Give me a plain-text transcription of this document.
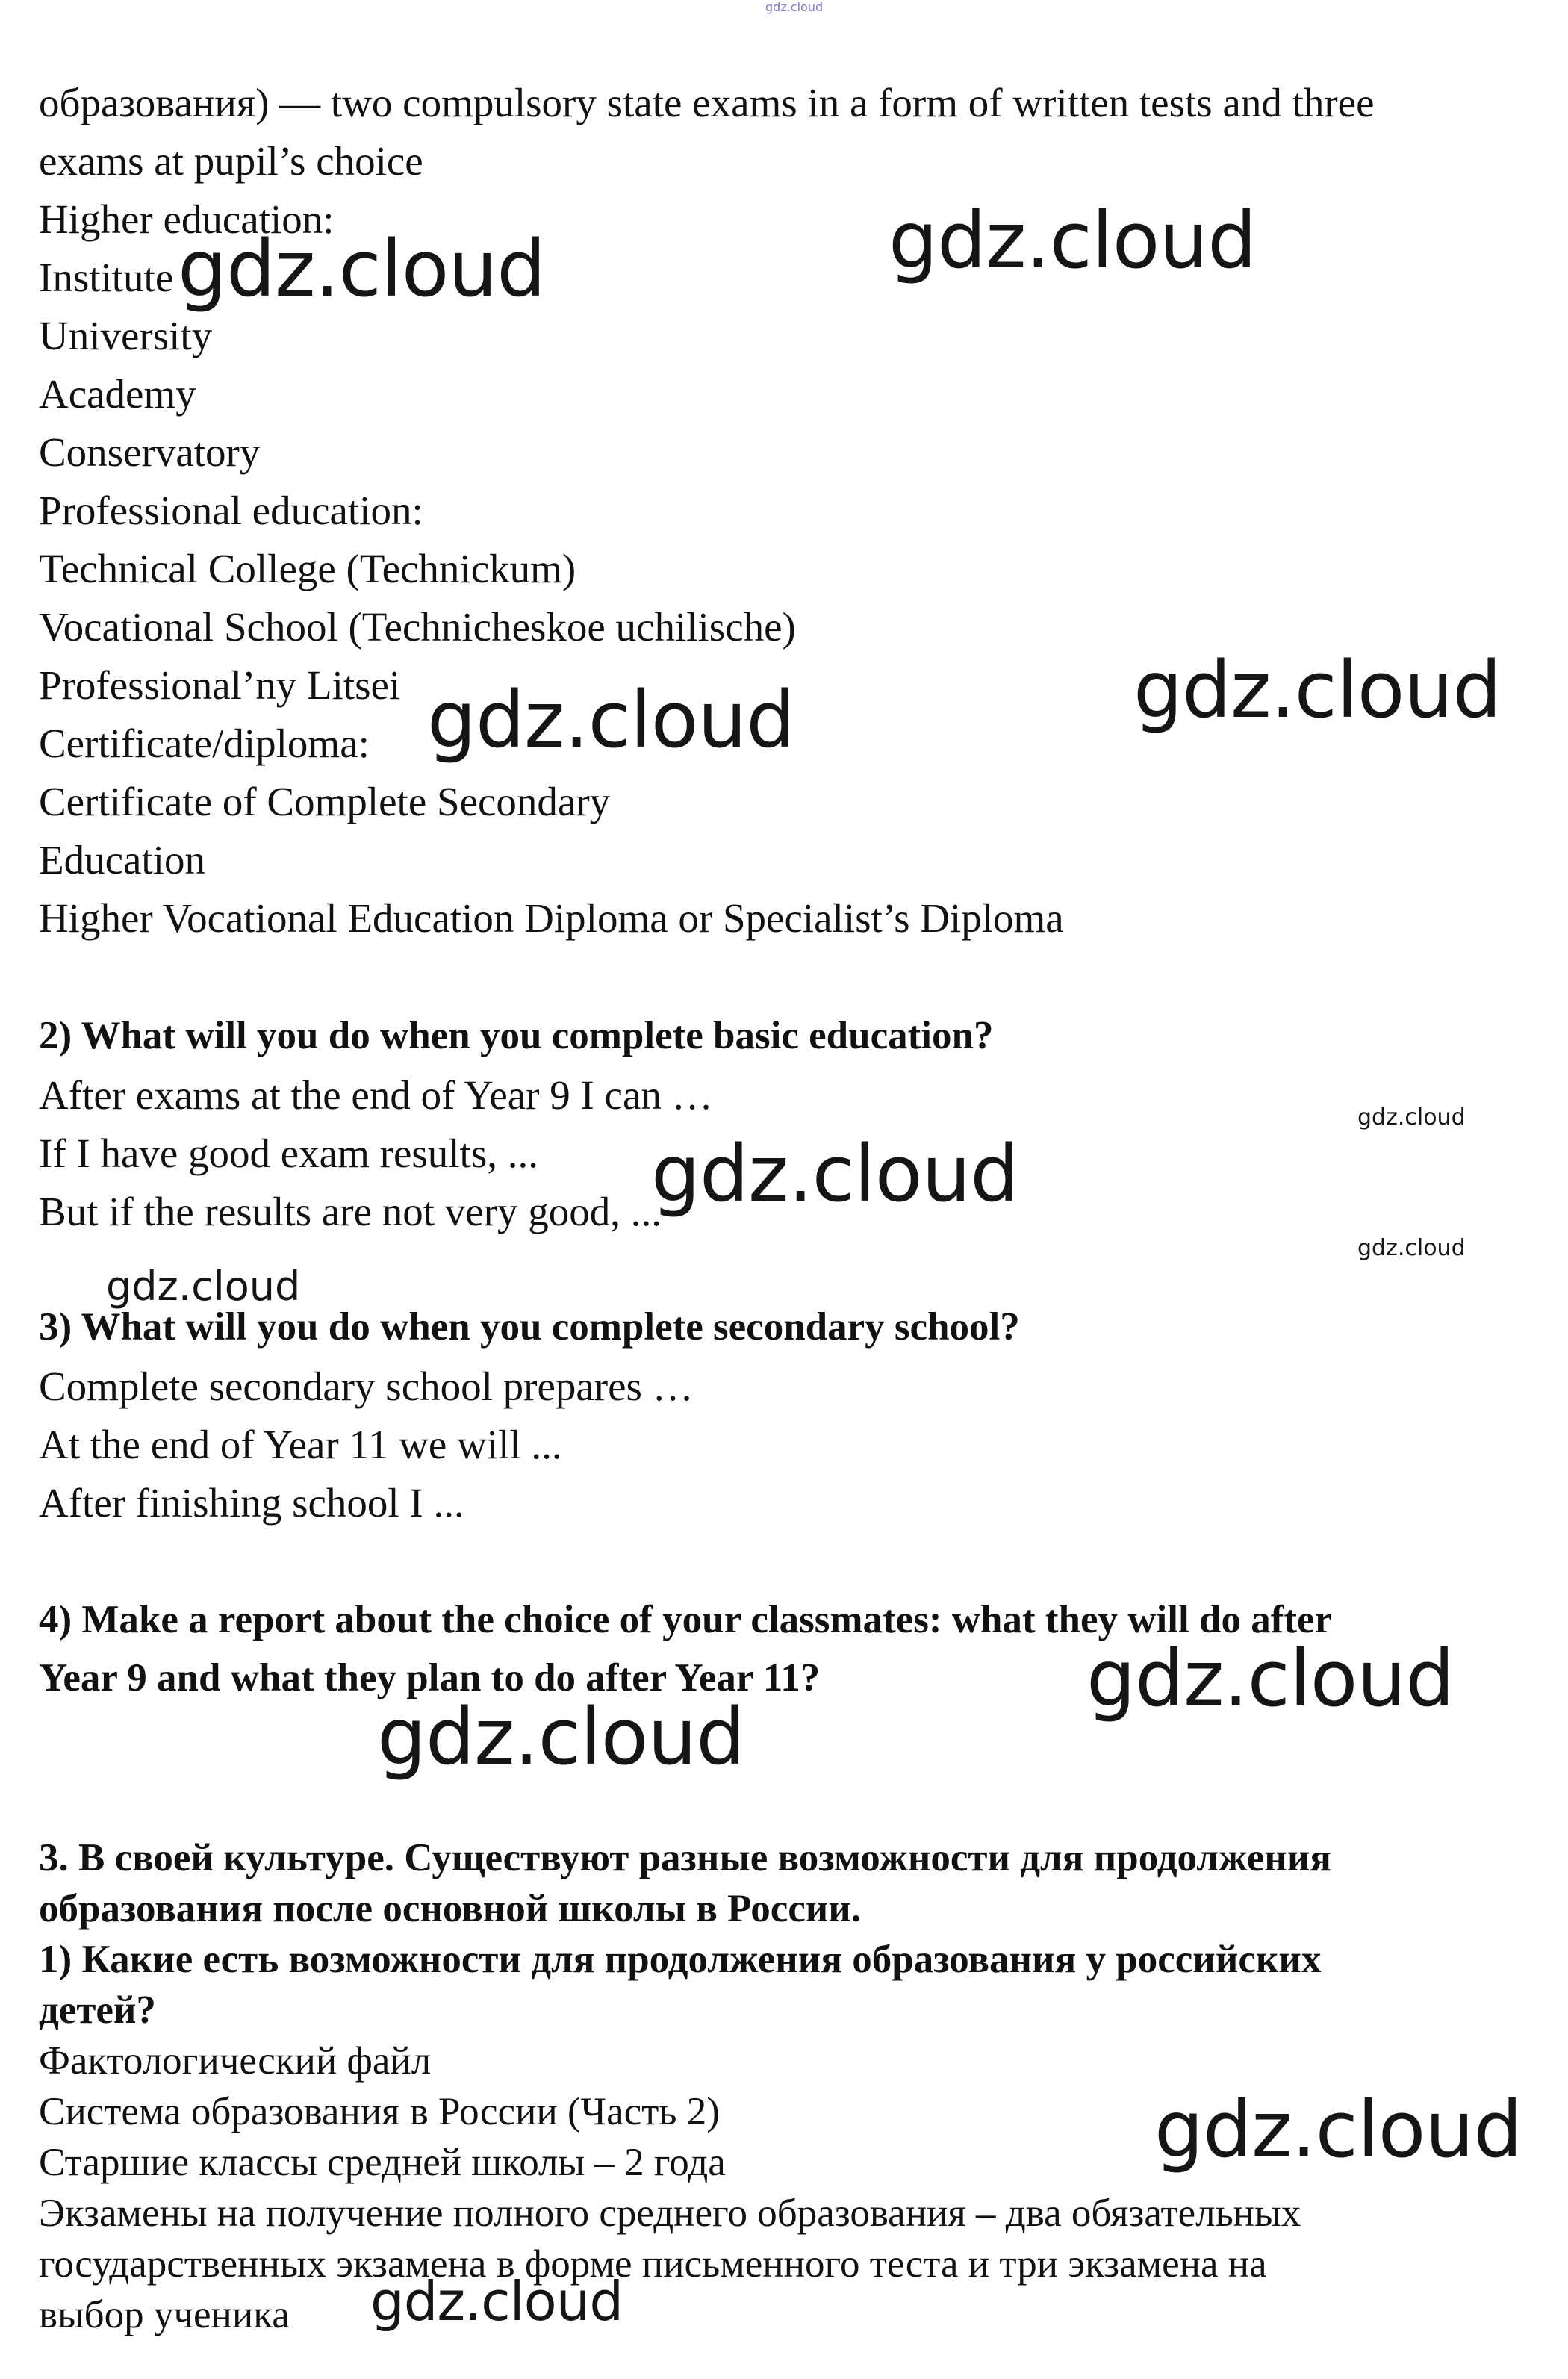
образования) — two compulsory state exams in a form of written tests and three
exams at pupil’s choice
Higher education:
Institute
University
Academy
Conservatory
Professional education:
Technical College (Technickum)
Vocational School (Technicheskoe uchilische)
Professional’ny Litsei
Certificate/diploma:
Certificate of Complete Secondary
Education
Higher Vocational Education Diploma or Specialist’s Diploma
2) What will you do when you complete basic education?
After exams at the end of Year 9 I can …
If I have good exam results, ...
But if the results are not very good, ...
3) What will you do when you complete secondary school?
Complete secondary school prepares …
At the end of Year 11 we will ...
After finishing school I ...
4) Make a report about the choice of your classmates: what they will do after
Year 9 and what they plan to do after Year 11?
3. В своей культуре. Существуют разные возможности для продолжения
образования после основной школы в России.
1) Какие есть возможности для продолжения образования у российских
детей?
Фактологический файл
Система образования в России (Часть 2)
Старшие классы средней школы – 2 года
Экзамены на получение полного среднего образования – два обязательных
государственных экзамена в форме письменного теста и три экзамена на
выбор ученика
gdz.cloud
gdz.cloud	gdz.cloud
gdz.cloud	gdz.cloud
gdz.cloud
gdz.cloud
gdz.cloud
gdz.cloud
gdz.cloud
gdz.cloud
gdz.cloud
gdz.cloud
